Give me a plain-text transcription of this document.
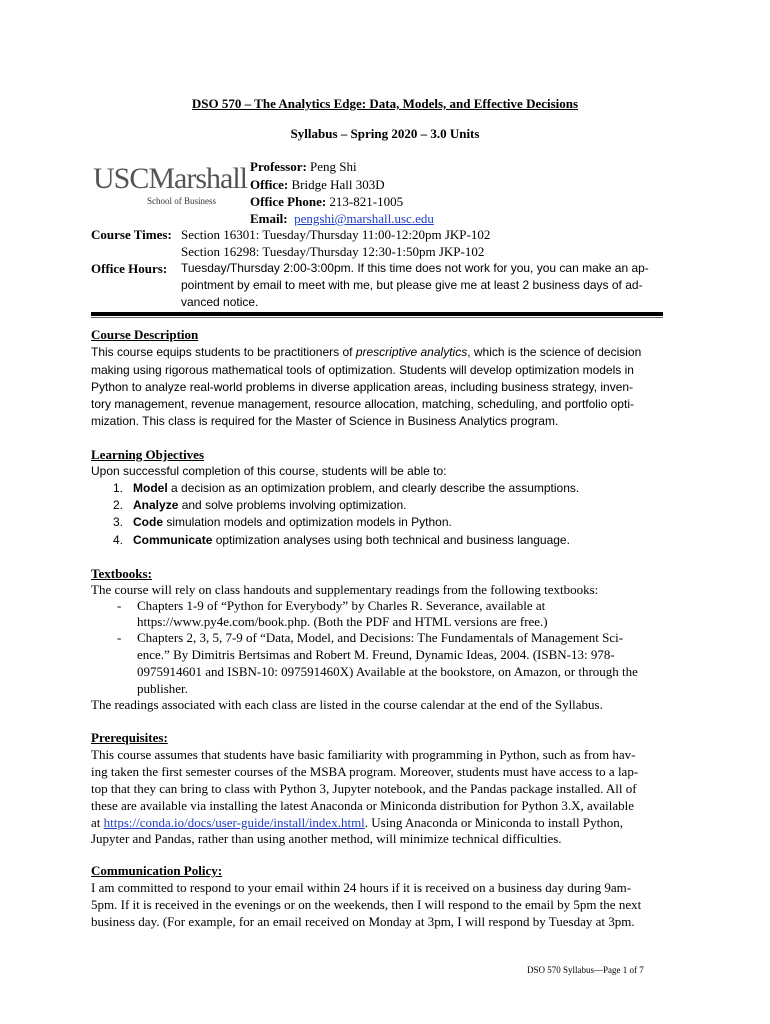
DSO 570 – The Analytics Edge: Data, Models, and Effective Decisions
Syllabus – Spring 2020 – 3.0 Units
USCMarshall
School of Business
Professor: Peng Shi
Office: Bridge Hall 303D
Office Phone: 213-821-1005
Email: pengshi@marshall.usc.edu
Course Times: Section 16301: Tuesday/Thursday 11:00-12:20pm JKP-102
Section 16298: Tuesday/Thursday 12:30-1:50pm JKP-102
Office Hours: Tuesday/Thursday 2:00-3:00pm. If this time does not work for you, you can make an ap-
pointment by email to meet with me, but please give me at least 2 business days of ad-
vanced notice.
Course Description
This course equips students to be practitioners of prescriptive analytics, which is the science of decision
making using rigorous mathematical tools of optimization. Students will develop optimization models in
Python to analyze real-world problems in diverse application areas, including business strategy, inven-
tory management, revenue management, resource allocation, matching, scheduling, and portfolio opti-
mization. This class is required for the Master of Science in Business Analytics program.
Learning Objectives
Upon successful completion of this course, students will be able to:
1. Model a decision as an optimization problem, and clearly describe the assumptions.
2. Analyze and solve problems involving optimization.
3. Code simulation models and optimization models in Python.
4. Communicate optimization analyses using both technical and business language.
Textbooks:
The course will rely on class handouts and supplementary readings from the following textbooks:
- Chapters 1-9 of “Python for Everybody” by Charles R. Severance, available at
https://www.py4e.com/book.php. (Both the PDF and HTML versions are free.)
- Chapters 2, 3, 5, 7-9 of “Data, Model, and Decisions: The Fundamentals of Management Sci-
ence.” By Dimitris Bertsimas and Robert M. Freund, Dynamic Ideas, 2004. (ISBN-13: 978-
0975914601 and ISBN-10: 097591460X) Available at the bookstore, on Amazon, or through the
publisher.
The readings associated with each class are listed in the course calendar at the end of the Syllabus.
Prerequisites:
This course assumes that students have basic familiarity with programming in Python, such as from hav-
ing taken the first semester courses of the MSBA program. Moreover, students must have access to a lap-
top that they can bring to class with Python 3, Jupyter notebook, and the Pandas package installed. All of
these are available via installing the latest Anaconda or Miniconda distribution for Python 3.X, available
at https://conda.io/docs/user-guide/install/index.html. Using Anaconda or Miniconda to install Python,
Jupyter and Pandas, rather than using another method, will minimize technical difficulties.
Communication Policy:
I am committed to respond to your email within 24 hours if it is received on a business day during 9am-
5pm. If it is received in the evenings or on the weekends, then I will respond to the email by 5pm the next
business day. (For example, for an email received on Monday at 3pm, I will respond by Tuesday at 3pm.
DSO 570 Syllabus—Page 1 of 7
